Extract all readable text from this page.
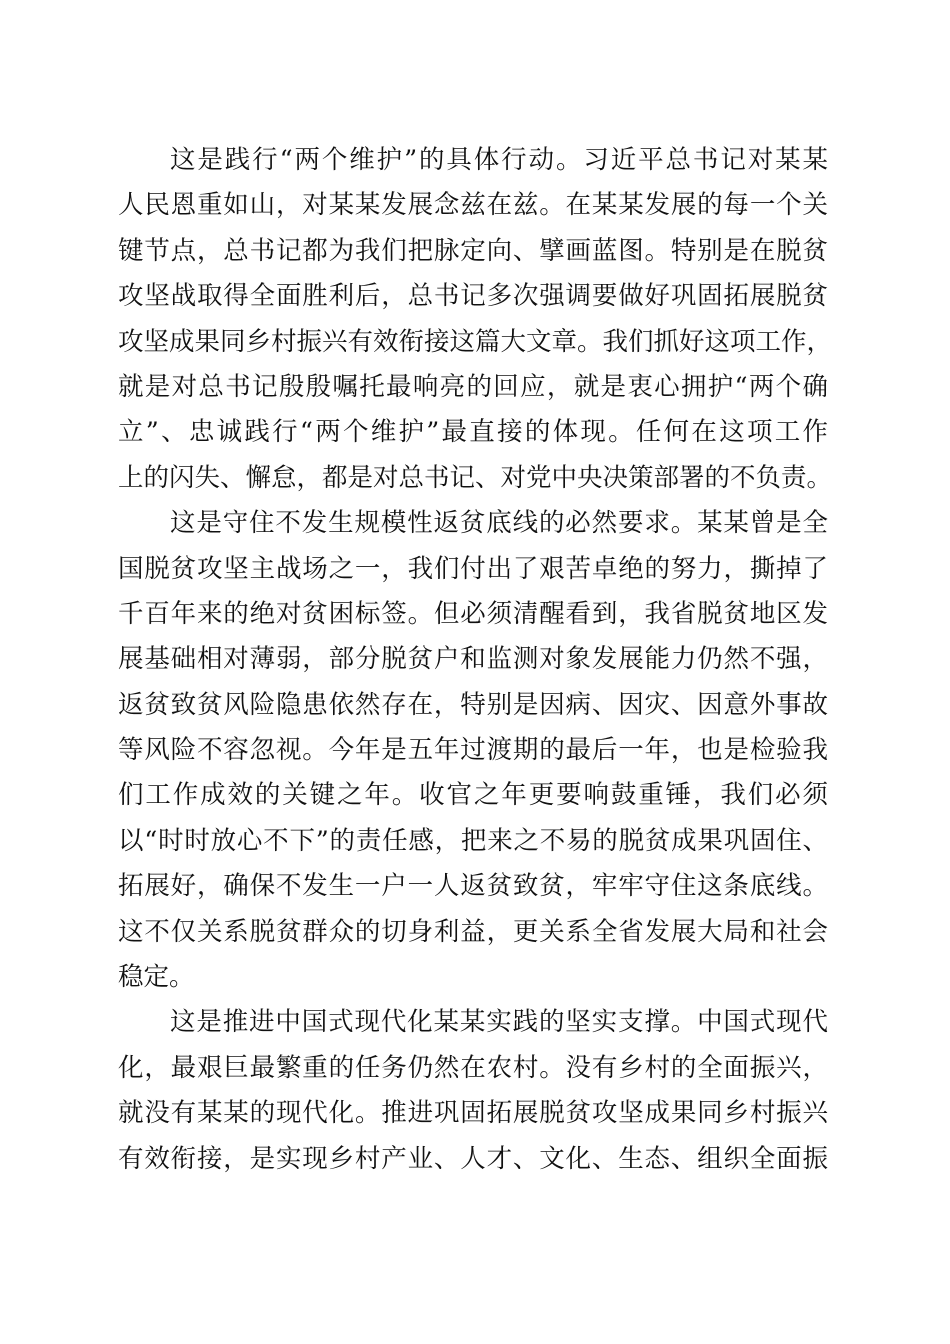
这是践行“两个维护”的具体行动。习近平总书记对某某
人民恩重如山，对某某发展念兹在兹。在某某发展的每一个关
键节点，总书记都为我们把脉定向、擘画蓝图。特别是在脱贫
攻坚战取得全面胜利后，总书记多次强调要做好巩固拓展脱贫
攻坚成果同乡村振兴有效衔接这篇大文章。我们抓好这项工作，
就是对总书记殷殷嘱托最响亮的回应，就是衷心拥护“两个确
立”、忠诚践行“两个维护”最直接的体现。任何在这项工作
上的闪失、懈怠，都是对总书记、对党中央决策部署的不负责。
这是守住不发生规模性返贫底线的必然要求。某某曾是全
国脱贫攻坚主战场之一，我们付出了艰苦卓绝的努力，撕掉了
千百年来的绝对贫困标签。但必须清醒看到，我省脱贫地区发
展基础相对薄弱，部分脱贫户和监测对象发展能力仍然不强，
返贫致贫风险隐患依然存在，特别是因病、因灾、因意外事故
等风险不容忽视。今年是五年过渡期的最后一年，也是检验我
们工作成效的关键之年。收官之年更要响鼓重锤，我们必须
以“时时放心不下”的责任感，把来之不易的脱贫成果巩固住、
拓展好，确保不发生一户一人返贫致贫，牢牢守住这条底线。
这不仅关系脱贫群众的切身利益，更关系全省发展大局和社会
稳定。
这是推进中国式现代化某某实践的坚实支撑。中国式现代
化，最艰巨最繁重的任务仍然在农村。没有乡村的全面振兴，
就没有某某的现代化。推进巩固拓展脱贫攻坚成果同乡村振兴
有效衔接，是实现乡村产业、人才、文化、生态、组织全面振
